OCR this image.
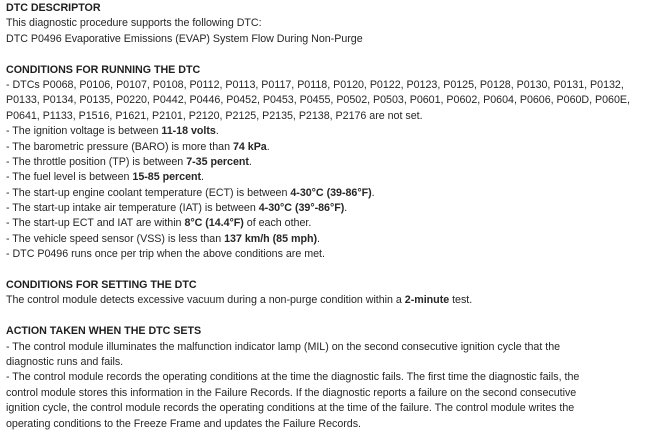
DTC DESCRIPTOR
This diagnostic procedure supports the following DTC:
DTC P0496 Evaporative Emissions (EVAP) System Flow During Non-Purge
CONDITIONS FOR RUNNING THE DTC
- DTCs P0068, P0106, P0107, P0108, P0112, P0113, P0117, P0118, P0120, P0122, P0123, P0125, P0128, P0130, P0131, P0132,
P0133, P0134, P0135, P0220, P0442, P0446, P0452, P0453, P0455, P0502, P0503, P0601, P0602, P0604, P0606, P060D, P060E,
P0641, P1133, P1516, P1621, P2101, P2120, P2125, P2135, P2138, P2176 are not set.
- The ignition voltage is between 11-18 volts.
- The barometric pressure (BARO) is more than 74 kPa.
- The throttle position (TP) is between 7-35 percent.
- The fuel level is between 15-85 percent.
- The start-up engine coolant temperature (ECT) is between 4-30°C (39-86°F).
- The start-up intake air temperature (IAT) is between 4-30°C (39°-86°F).
- The start-up ECT and IAT are within 8°C (14.4°F) of each other.
- The vehicle speed sensor (VSS) is less than 137 km/h (85 mph).
- DTC P0496 runs once per trip when the above conditions are met.
CONDITIONS FOR SETTING THE DTC
The control module detects excessive vacuum during a non-purge condition within a 2-minute test.
ACTION TAKEN WHEN THE DTC SETS
- The control module illuminates the malfunction indicator lamp (MIL) on the second consecutive ignition cycle that the
diagnostic runs and fails.
- The control module records the operating conditions at the time the diagnostic fails. The first time the diagnostic fails, the
control module stores this information in the Failure Records. If the diagnostic reports a failure on the second consecutive
ignition cycle, the control module records the operating conditions at the time of the failure. The control module writes the
operating conditions to the Freeze Frame and updates the Failure Records.
